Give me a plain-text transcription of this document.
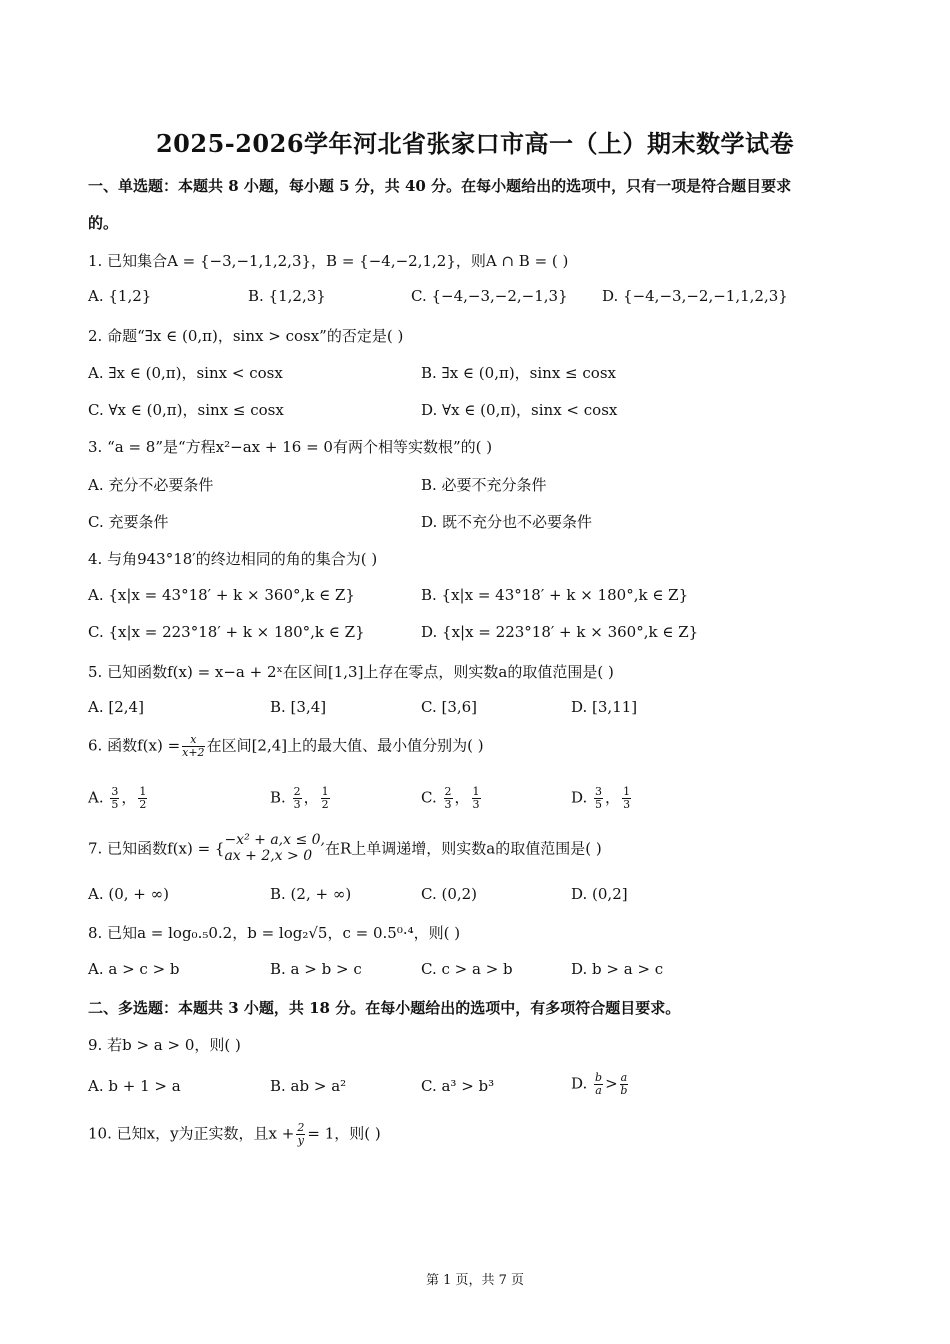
2025-2026学年河北省张家口市高一（上）期末数学试卷
一、单选题：本题共 8 小题，每小题 5 分，共 40 分。在每小题给出的选项中，只有一项是符合题目要求
的。
1. 已知集合A = {−3,−1,1,2,3}，B = {−4,−2,1,2}，则A ∩ B = ( )
A. {1,2}	B. {1,2,3}	C. {−4,−3,−2,−1,3} D. {−4,−3,−2,−1,1,2,3}
2. 命题“∃x ∈ (0,π)，sinx > cosx”的否定是( )
A. ∃x ∈ (0,π)，sinx < cosx	B. ∃x ∈ (0,π)，sinx ≤ cosx
C. ∀x ∈ (0,π)，sinx ≤ cosx	D. ∀x ∈ (0,π)，sinx < cosx
3. “a = 8”是“方程x²−ax + 16 = 0有两个相等实数根”的( )
A. 充分不必要条件	B. 必要不充分条件
C. 充要条件	D. 既不充分也不必要条件
4. 与角943°18′的终边相同的角的集合为( )
A. {x|x = 43°18′ + k × 360°,k ∈ Z}	B. {x|x = 43°18′ + k × 180°,k ∈ Z}
C. {x|x = 223°18′ + k × 180°,k ∈ Z}	D. {x|x = 223°18′ + k × 360°,k ∈ Z}
5. 已知函数f(x) = x−a + 2ˣ在区间[1,3]上存在零点，则实数a的取值范围是( )
A. [2,4]	B. [3,4]	C. [3,6]	D. [3,11]
6. 函数$f(x) = \frac{x}{x+2}$ 在区间[2,4]上的最大值、最小值分别为( )
A. $\frac{3}{5}$ ， $\frac{1}{2}$	B. $\frac{2}{3}$ ， $\frac{1}{2}$	C. $\frac{2}{3}$ ， $\frac{1}{3}$	D. $\frac{3}{5}$ ， $\frac{1}{3}$
7. 已知函数f(x) = { −x² + a,x ≤ 0,
ax + 2,x > 0 在R上单调递增，则实数a的取值范围是( )
A. (0, + ∞)	B. (2, + ∞)	C. (0,2)	D. (0,2]
8. 已知a = log₀.₅0.2，b = log₂√5，c = 0.5⁰·⁴，则( )
A. a > c > b	B. a > b > c	C. c > a > b	D. b > a > c
二、多选题：本题共 3 小题，共 18 分。在每小题给出的选项中，有多项符合题目要求。
9. 若b > a > 0，则( )
A. b + 1 > a	B. ab > a²	C. a³ > b³	D. $\frac{b}{a} > \frac{a}{b}$
10. 已知x，y为正实数，且$x + \frac{2}{y} = 1$，则( )
第 1 页，共 7 页
